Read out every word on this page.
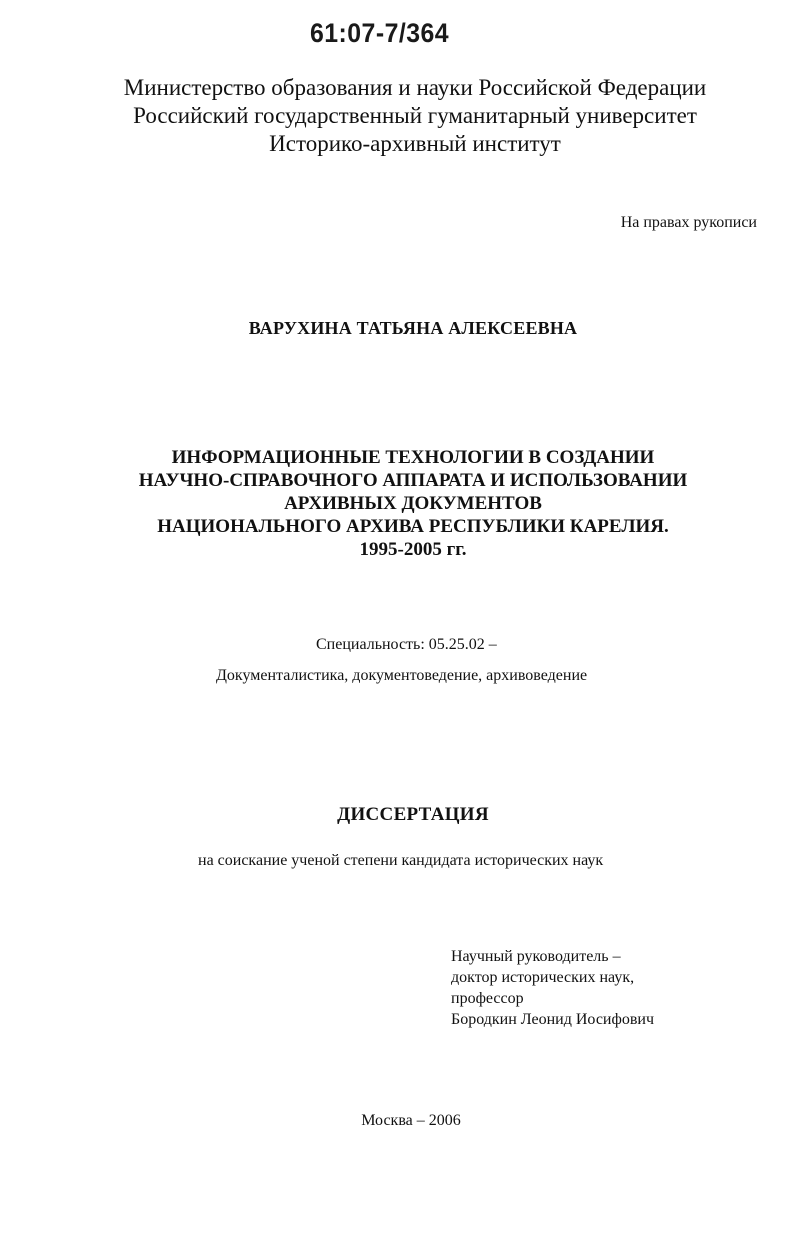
61:07-7/364
Министерство образования и науки Российской Федерации
Российский государственный гуманитарный университет
Историко-архивный институт
На правах рукописи
ВАРУХИНА ТАТЬЯНА АЛЕКСЕЕВНА
ИНФОРМАЦИОННЫЕ ТЕХНОЛОГИИ В СОЗДАНИИ
НАУЧНО-СПРАВОЧНОГО АППАРАТА И ИСПОЛЬЗОВАНИИ
АРХИВНЫХ ДОКУМЕНТОВ
НАЦИОНАЛЬНОГО АРХИВА РЕСПУБЛИКИ КАРЕЛИЯ.
1995-2005 гг.
Специальность: 05.25.02 –
Документалистика, документоведение, архивоведение
ДИССЕРТАЦИЯ
на соискание ученой степени кандидата исторических наук
Научный руководитель –
доктор исторических наук,
профессор
Бородкин Леонид Иосифович
Москва – 2006
